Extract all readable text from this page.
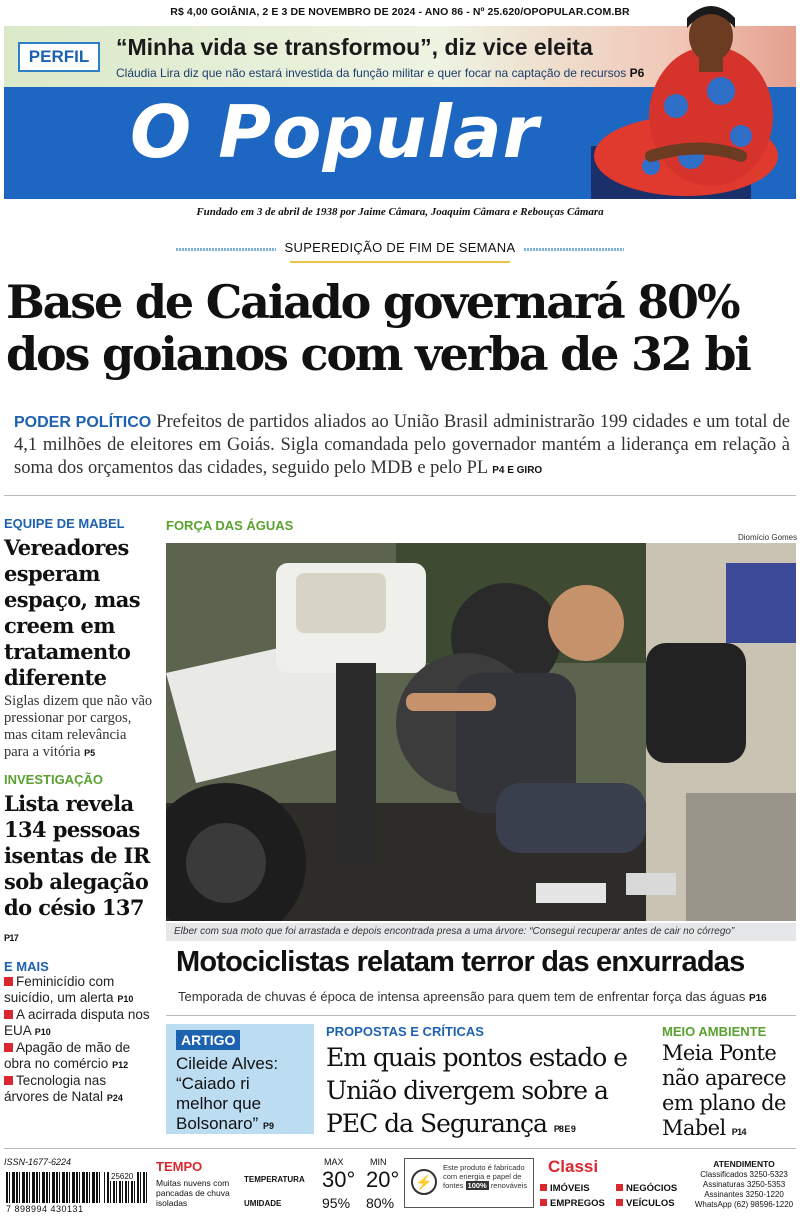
R$ 4,00 GOIÂNIA, 2 E 3 DE NOVEMBRO DE 2024 - ANO 86 - Nº 25.620/OPOPULAR.COM.BR
PERFIL	“Minha vida se transformou”, diz vice eleita
Cláudia Lira diz que não estará investida da função militar e quer focar na captação de recursos P6
O Popular
Fundado em 3 de abril de 1938 por Jaime Câmara, Joaquim Câmara e Rebouças Câmara
SUPEREDIÇÃO DE FIM DE SEMANA
Base de Caiado governará 80%
dos goianos com verba de 32 bi
PODER POLÍTICO Prefeitos de partidos aliados ao União Brasil administrarão 199 cidades e um total de 4,1 milhões de eleitores em Goiás. Sigla comandada pelo governador mantém a liderança em relação à soma dos orçamentos das cidades, seguido pelo MDB e pelo PL P4 E GIRO
EQUIPE DE MABEL
Vereadores esperam espaço, mas creem em tratamento diferente
Siglas dizem que não vão pressionar por cargos, mas citam relevância para a vitória P5
INVESTIGAÇÃO
Lista revela 134 pessoas isentas de IR sob alegação do césio 137 P17
E MAIS
Feminicídio com suicídio, um alerta P10
A acirrada disputa nos EUA P10
Apagão de mão de obra no comércio P12
Tecnologia nas árvores de Natal P24
FORÇA DAS ÁGUAS
Diomício Gomes
Elber com sua moto que foi arrastada e depois encontrada presa a uma árvore: “Consegui recuperar antes de cair no córrego”
Motociclistas relatam terror das enxurradas
Temporada de chuvas é época de intensa apreensão para quem tem de enfrentar força das águas P16
ARTIGO
Cileide Alves: “Caiado ri melhor que Bolsonaro” P9
PROPOSTAS E CRÍTICAS
Em quais pontos estado e União divergem sobre a PEC da Segurança P8 E 9
MEIO AMBIENTE
Meia Ponte não aparece em plano de Mabel P14
ISSN-1677-6224
7 898994 430131
25620
TEMPO
Muitas nuvens com pancadas de chuva isoladas
TEMPERATURA
UMIDADE
MAX	MIN
30° 20°
95% 80%
⚡
Este produto é fabricado com energia e papel de fontes 100% renováveis
Classi
IMÓVEIS
EMPREGOS
NEGÓCIOS
VEÍCULOS
ATENDIMENTO
Classificados 3250-5323
Assinaturas 3250-5353
Assinantes 3250-1220
WhatsApp (62) 98596-1220
